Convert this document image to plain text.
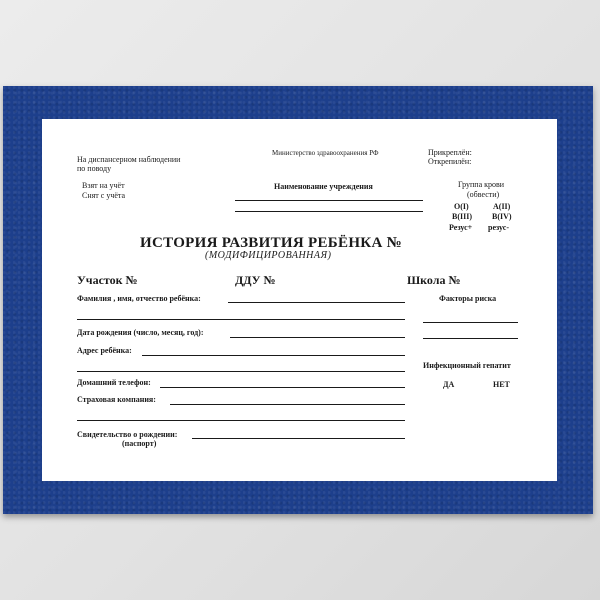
Министерство здравоохранения РФ
На диспансерном наблюдении
по поводу
Прикреплён:
Открепилён:
Взят на учёт
Снят с учёта
Наименование учреждения	Группа крови
(обвести)
O(I)	A(II)
B(III) B(IV)
Резус+ резус-
ИСТОРИЯ РАЗВИТИЯ РЕБЁНКА №
(МОДИФИЦИРОВАННАЯ)
Участок №	ДДУ №	Школа №
Фамилия , имя, отчество ребёнка:
Дата рождения (число, месяц, год):
Адрес ребёнка:
Домашний телефон:
Страховая компания:
Свидетельство о рождении:
(паспорт)
Факторы риска
Инфекционный гепатит
ДА	НЕТ
